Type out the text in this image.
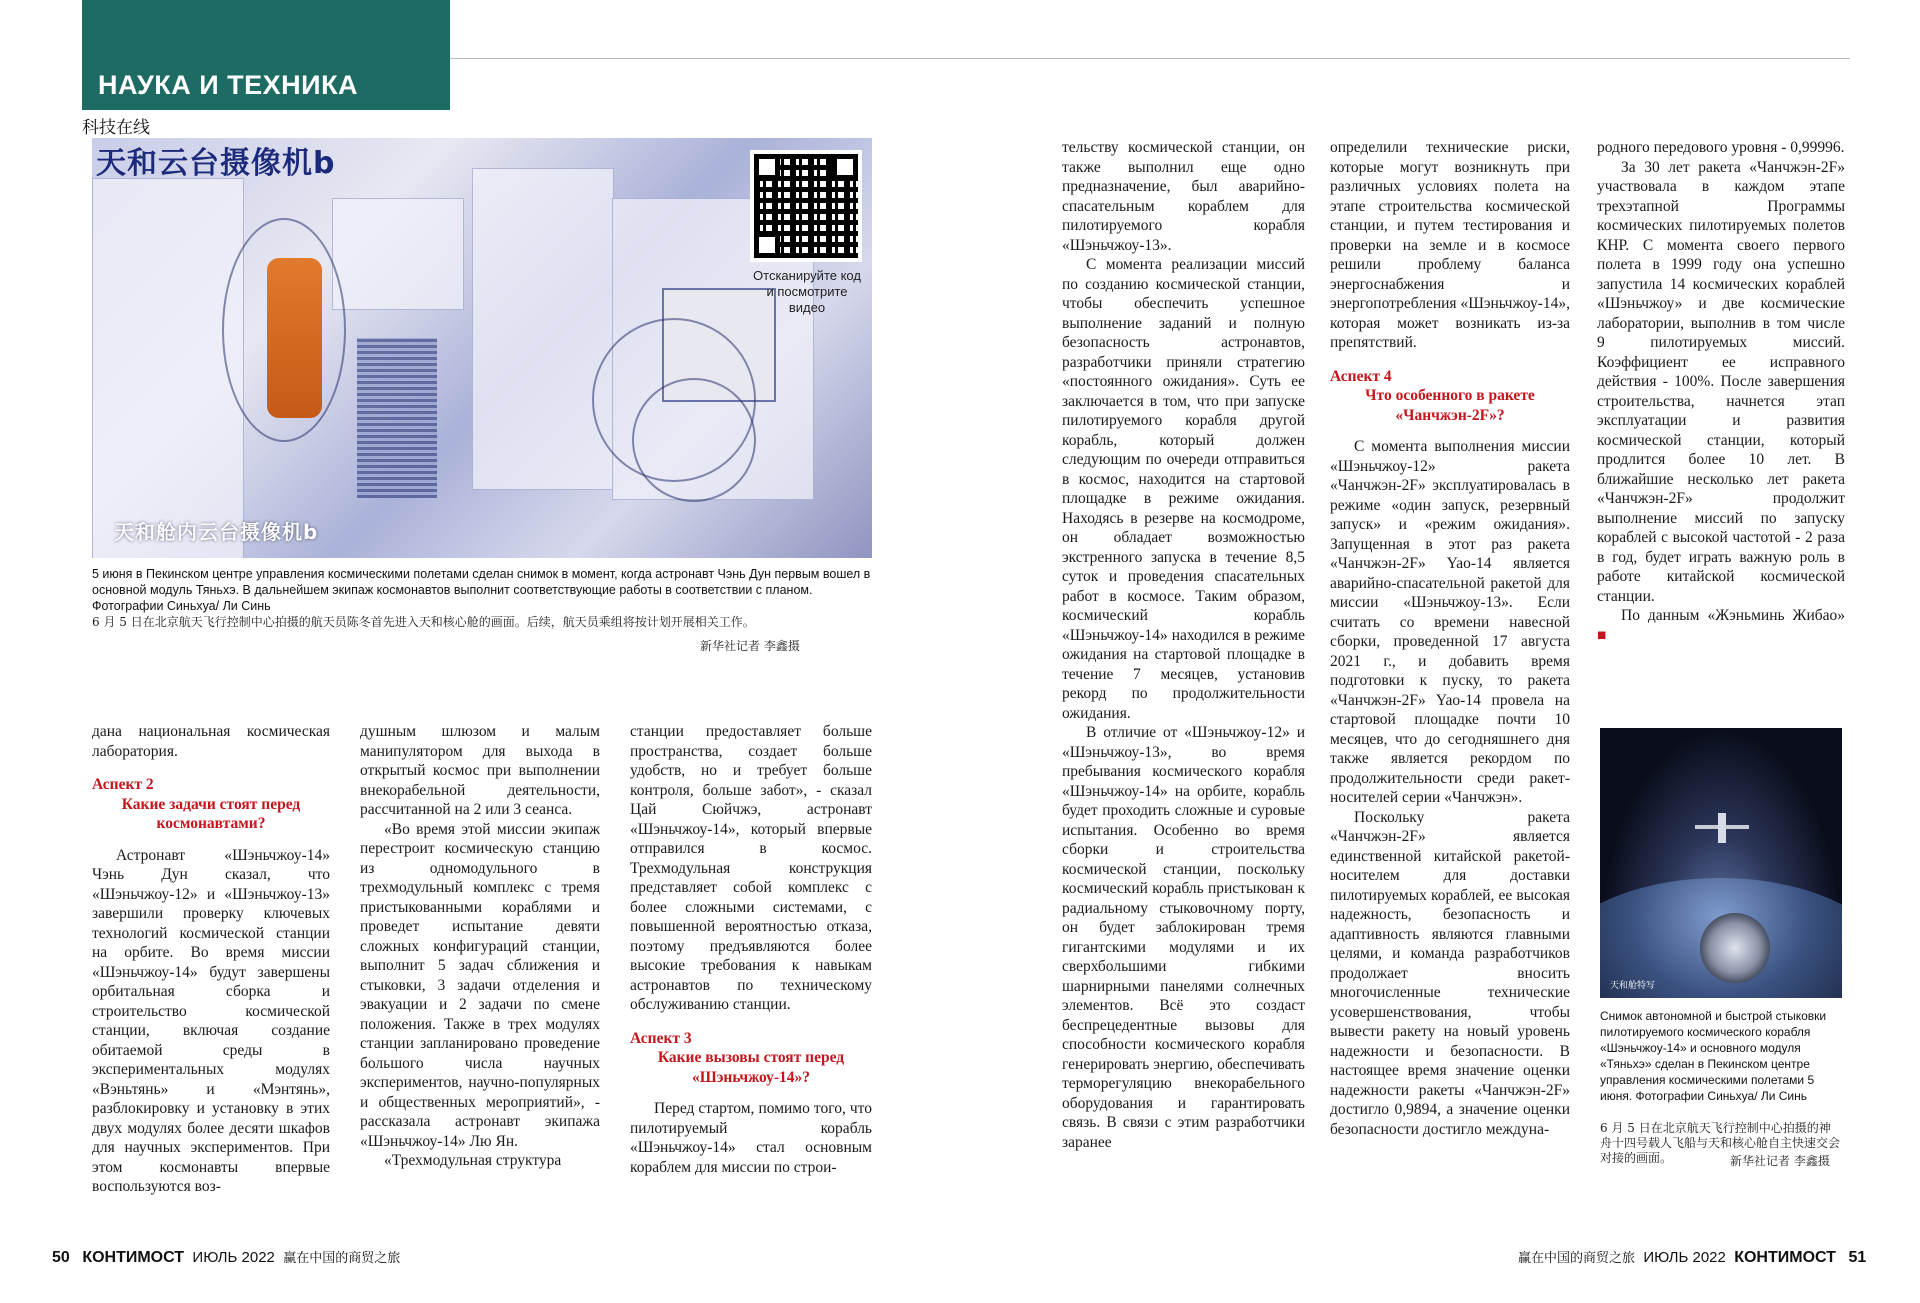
НАУКА И ТЕХНИКА
科技在线
天和云台摄像机b
天和舱内云台摄像机b
Отсканируйте код и посмотрите видео
5 июня в Пекинском центре управления космическими полетами сделан снимок в момент, когда астронавт Чэнь Дун первым вошел в основной модуль Тяньхэ. В дальнейшем экипаж космонавтов выполнит соответствующие работы в соответствии с планом. Фотографии Синьхуа/ Ли Синь
6 月 5 日在北京航天飞行控制中心拍摄的航天员陈冬首先进入天和核心舱的画面。后续，航天员乘组将按计划开展相关工作。
新华社记者 李鑫摄

дана национальная космическая лаборатория.

Аспект 2
Какие задачи стоят перед космонавтами?

Астронавт «Шэньчжоу-14» Чэнь Дун сказал, что «Шэньчжоу-12» и «Шэньчжоу-13» завершили проверку ключевых технологий космической станции на орбите. Во время миссии «Шэньчжоу-14» будут завершены орбитальная сборка и строительство космической станции, включая создание обитаемой среды в экспериментальных модулях «Вэньтянь» и «Мэнтянь», разблокировку и установку в этих двух модулях более десяти шкафов для научных экспериментов. При этом космонавты впервые воспользуются воз-

душным шлюзом и малым манипулятором для выхода в открытый космос при выполнении внекорабельной деятельности, рассчитанной на 2 или 3 сеанса.

«Во время этой миссии экипаж перестроит космическую станцию из одномодульного в трехмодульный комплекс с тремя пристыкованными кораблями и проведет испытание девяти сложных конфигураций станции, выполнит 5 задач сближения и стыковки, 3 задачи отделения и эвакуации и 2 задачи по смене положения. Также в трех модулях станции запланировано проведение большого числа научных экспериментов, научно-популярных и общественных мероприятий», - рассказала астронавт экипажа «Шэньчжоу-14» Лю Ян.

«Трехмодульная структура

станции предоставляет больше пространства, создает больше удобств, но и требует больше контроля, больше забот», - сказал Цай Сюйчжэ, астронавт «Шэньчжоу-14», который впервые отправился в космос. Трехмодульная конструкция представляет собой комплекс с более сложными системами, с повышенной вероятностью отказа, поэтому предъявляются более высокие требования к навыкам астронавтов по техническому обслуживанию станции.

Аспект 3
Какие вызовы стоят перед «Шэньчжоу-14»?

Перед стартом, помимо того, что пилотируемый корабль «Шэньчжоу-14» стал основным кораблем для миссии по строи-

50 КОНТИМОСТ ИЮЛЬ 2022 赢在中国的商贸之旅

тельству космической станции, он также выполнил еще одно предназначение, был аварийно-спасательным кораблем для пилотируемого корабля «Шэньчжоу-13».

С момента реализации миссий по созданию космической станции, чтобы обеспечить успешное выполнение заданий и полную безопасность астронавтов, разработчики приняли стратегию «постоянного ожидания». Суть ее заключается в том, что при запуске пилотируемого корабля другой корабль, который должен следующим по очереди отправиться в космос, находится на стартовой площадке в режиме ожидания. Находясь в резерве на космодроме, он обладает возможностью экстренного запуска в течение 8,5 суток и проведения спасательных работ в космосе. Таким образом, космический корабль «Шэньчжоу-14» находился в режиме ожидания на стартовой площадке в течение 7 месяцев, установив рекорд по продолжительности ожидания.

В отличие от «Шэньчжоу-12» и «Шэньчжоу-13», во время пребывания космического корабля «Шэньчжоу-14» на орбите, корабль будет проходить сложные и суровые испытания. Особенно во время сборки и строительства космической станции, поскольку космический корабль пристыкован к радиальному стыковочному порту, он будет заблокирован тремя гигантскими модулями и их сверхбольшими гибкими шарнирными панелями солнечных элементов. Всё это создаст беспрецедентные вызовы для способности космического корабля генерировать энергию, обеспечивать терморегуляцию внекорабельного оборудования и гарантировать связь. В связи с этим разработчики заранее

определили технические риски, которые могут возникнуть при различных условиях полета на этапе строительства космической станции, и путем тестирования и проверки на земле и в космосе решили проблему баланса энергоснабжения и энергопотребления «Шэньчжоу-14», которая может возникать из-за препятствий.

Аспект 4
Что особенного в ракете «Чанчжэн-2F»?

С момента выполнения миссии «Шэньчжоу-12» ракета «Чанчжэн-2F» эксплуатировалась в режиме «один запуск, резервный запуск» и «режим ожидания». Запущенная в этот раз ракета «Чанчжэн-2F» Yao-14 является аварийно-спасательной ракетой для миссии «Шэньчжоу-13». Если считать со времени навесной сборки, проведенной 17 августа 2021 г., и добавить время подготовки к пуску, то ракета «Чанчжэн-2F» Yao-14 провела на стартовой площадке почти 10 месяцев, что до сегодняшнего дня также является рекордом по продолжительности среди ракет-носителей серии «Чанчжэн».

Поскольку ракета «Чанчжэн-2F» является единственной китайской ракетой-носителем для доставки пилотируемых кораблей, ее высокая надежность, безопасность и адаптивность являются главными целями, и команда разработчиков продолжает вносить многочисленные технические усовершенствования, чтобы вывести ракету на новый уровень надежности и безопасности. В настоящее время значение оценки надежности ракеты «Чанчжэн-2F» достигло 0,9894, а значение оценки безопасности достигло междуна-

родного передового уровня - 0,99996.

За 30 лет ракета «Чанчжэн-2F» участвовала в каждом этапе трехэтапной Программы космических пилотируемых полетов КНР. С момента своего первого полета в 1999 году она успешно запустила 14 космических кораблей «Шэньчжоу» и две космические лаборатории, выполнив в том числе 9 пилотируемых миссий. Коэффициент ее исправного действия - 100%. После завершения строительства, начнется этап эксплуатации и развития космической станции, который продлится более 10 лет. В ближайшие несколько лет ракета «Чанчжэн-2F» продолжит выполнение миссий по запуску кораблей с высокой частотой - 2 раза в год, будет играть важную роль в работе китайской космической станции.

По данным «Жэньминь Жибао» ■

天和舱特写
Снимок автономной и быстрой стыковки пилотируемого космического корабля «Шэньчжоу-14» и основного модуля «Тяньхэ» сделан в Пекинском центре управления космическими полетами 5 июня. Фотографии Синьхуа/ Ли Синь
6 月 5 日在北京航天飞行控制中心拍摄的神舟十四号载人飞船与天和核心舱自主快速交会对接的画面。	新华社记者 李鑫摄
赢在中国的商贸之旅 ИЮЛЬ 2022 КОНТИМОСТ 51
